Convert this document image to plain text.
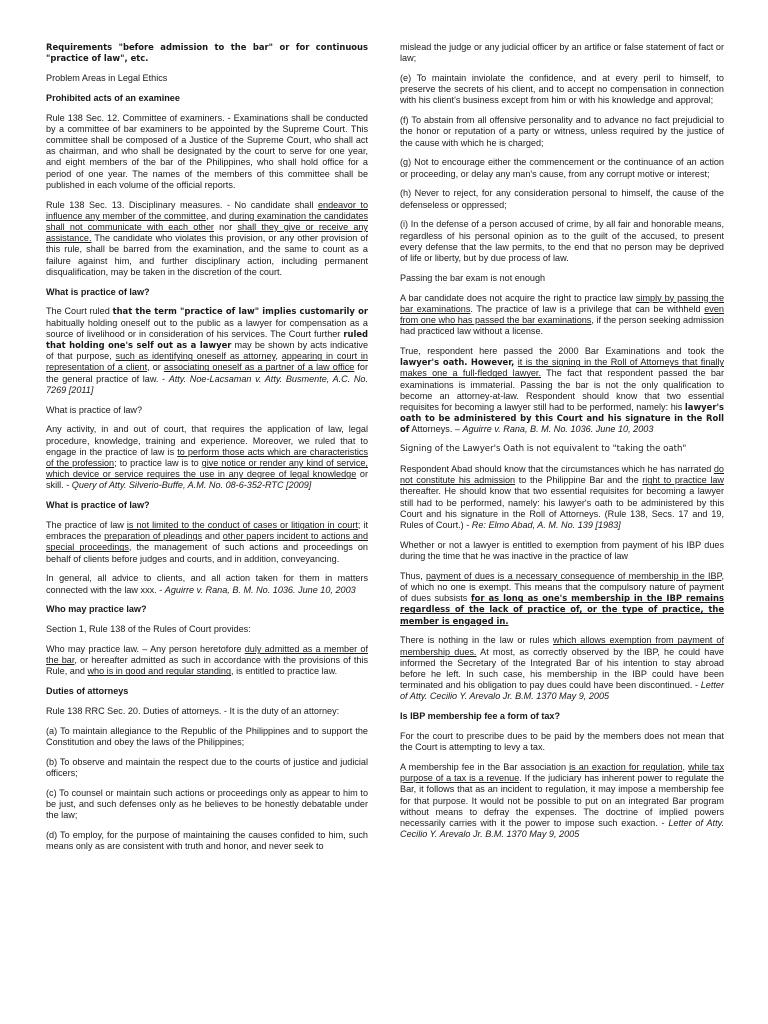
Requirements "before admission to the bar" or for continuous "practice of law", etc.

Problem Areas in Legal Ethics

Prohibited acts of an examinee

Rule 138 Sec. 12. Committee of examiners. - Examinations shall be conducted by a committee of bar examiners to be appointed by the Supreme Court. This committee shall be composed of a Justice of the Supreme Court, who shall act as chairman, and who shall be designated by the court to serve for one year, and eight members of the bar of the Philippines, who shall hold office for a period of one year. The names of the members of this committee shall be published in each volume of the official reports.

Rule 138 Sec. 13. Disciplinary measures. - No candidate shall endeavor to influence any member of the committee, and during examination the candidates shall not communicate with each other nor shall they give or receive any assistance. The candidate who violates this provision, or any other provision of this rule, shall be barred from the examination, and the same to count as a failure against him, and further disciplinary action, including permanent disqualification, may be taken in the discretion of the court.

What is practice of law?

The Court ruled that the term "practice of law" implies customarily or habitually holding oneself out to the public as a lawyer for compensation as a source of livelihood or in consideration of his services. The Court further ruled that holding one's self out as a lawyer may be shown by acts indicative of that purpose, such as identifying oneself as attorney, appearing in court in representation of a client, or associating oneself as a partner of a law office for the general practice of law. - Atty. Noe-Lacsaman v. Atty. Busmente, A.C. No. 7269 [2011]

What is practice of law?

Any activity, in and out of court, that requires the application of law, legal procedure, knowledge, training and experience. Moreover, we ruled that to engage in the practice of law is to perform those acts which are characteristics of the profession; to practice law is to give notice or render any kind of service, which device or service requires the use in any degree of legal knowledge or skill. - Query of Atty. Silverio-Buffe, A.M. No. 08-6-352-RTC [2009]

What is practice of law?

The practice of law is not limited to the conduct of cases or litigation in court; it embraces the preparation of pleadings and other papers incident to actions and special proceedings, the management of such actions and proceedings on behalf of clients before judges and courts, and in addition, conveyancing.

In general, all advice to clients, and all action taken for them in matters connected with the law xxx. - Aguirre v. Rana, B. M. No. 1036. June 10, 2003

Who may practice law?

Section 1, Rule 138 of the Rules of Court provides:

Who may practice law. – Any person heretofore duly admitted as a member of the bar, or hereafter admitted as such in accordance with the provisions of this Rule, and who is in good and regular standing, is entitled to practice law.

Duties of attorneys

Rule 138 RRC Sec. 20. Duties of attorneys. - It is the duty of an attorney:

(a) To maintain allegiance to the Republic of the Philippines and to support the Constitution and obey the laws of the Philippines;

(b) To observe and maintain the respect due to the courts of justice and judicial officers;

(c) To counsel or maintain such actions or proceedings only as appear to him to be just, and such defenses only as he believes to be honestly debatable under the law;

(d) To employ, for the purpose of maintaining the causes confided to him, such means only as are consistent with truth and honor, and never seek to

mislead the judge or any judicial officer by an artifice or false statement of fact or law;

(e) To maintain inviolate the confidence, and at every peril to himself, to preserve the secrets of his client, and to accept no compensation in connection with his client's business except from him or with his knowledge and approval;

(f) To abstain from all offensive personality and to advance no fact prejudicial to the honor or reputation of a party or witness, unless required by the justice of the cause with which he is charged;

(g) Not to encourage either the commencement or the continuance of an action or proceeding, or delay any man's cause, from any corrupt motive or interest;

(h) Never to reject, for any consideration personal to himself, the cause of the defenseless or oppressed;

(i) In the defense of a person accused of crime, by all fair and honorable means, regardless of his personal opinion as to the guilt of the accused, to present every defense that the law permits, to the end that no person may be deprived of life or liberty, but by due process of law.

Passing the bar exam is not enough

A bar candidate does not acquire the right to practice law simply by passing the bar examinations. The practice of law is a privilege that can be withheld even from one who has passed the bar examinations, if the person seeking admission had practiced law without a license.

True, respondent here passed the 2000 Bar Examinations and took the lawyer's oath. However, it is the signing in the Roll of Attorneys that finally makes one a full-fledged lawyer. The fact that respondent passed the bar examinations is immaterial. Passing the bar is not the only qualification to become an attorney-at-law. Respondent should know that two essential requisites for becoming a lawyer still had to be performed, namely: his lawyer's oath to be administered by this Court and his signature in the Roll of Attorneys. – Aguirre v. Rana, B. M. No. 1036. June 10, 2003

Signing of the Lawyer's Oath is not equivalent to "taking the oath"

Respondent Abad should know that the circumstances which he has narrated do not constitute his admission to the Philippine Bar and the right to practice law thereafter. He should know that two essential requisites for becoming a lawyer still had to be performed, namely: his lawyer's oath to be administered by this Court and his signature in the Roll of Attorneys. (Rule 138, Secs. 17 and 19, Rules of Court.) - Re: Elmo Abad, A. M. No. 139 [1983]

Whether or not a lawyer is entitled to exemption from payment of his IBP dues during the time that he was inactive in the practice of law

Thus, payment of dues is a necessary consequence of membership in the IBP, of which no one is exempt. This means that the compulsory nature of payment of dues subsists for as long as one's membership in the IBP remains regardless of the lack of practice of, or the type of practice, the member is engaged in.

There is nothing in the law or rules which allows exemption from payment of membership dues. At most, as correctly observed by the IBP, he could have informed the Secretary of the Integrated Bar of his intention to stay abroad before he left. In such case, his membership in the IBP could have been terminated and his obligation to pay dues could have been discontinued. - Letter of Atty. Cecilio Y. Arevalo Jr. B.M. 1370 May 9, 2005

Is IBP membership fee a form of tax?

For the court to prescribe dues to be paid by the members does not mean that the Court is attempting to levy a tax.

A membership fee in the Bar association is an exaction for regulation, while tax purpose of a tax is a revenue. If the judiciary has inherent power to regulate the Bar, it follows that as an incident to regulation, it may impose a membership fee for that purpose. It would not be possible to put on an integrated Bar program without means to defray the expenses. The doctrine of implied powers necessarily carries with it the power to impose such exaction. - Letter of Atty. Cecilio Y. Arevalo Jr. B.M. 1370 May 9, 2005
